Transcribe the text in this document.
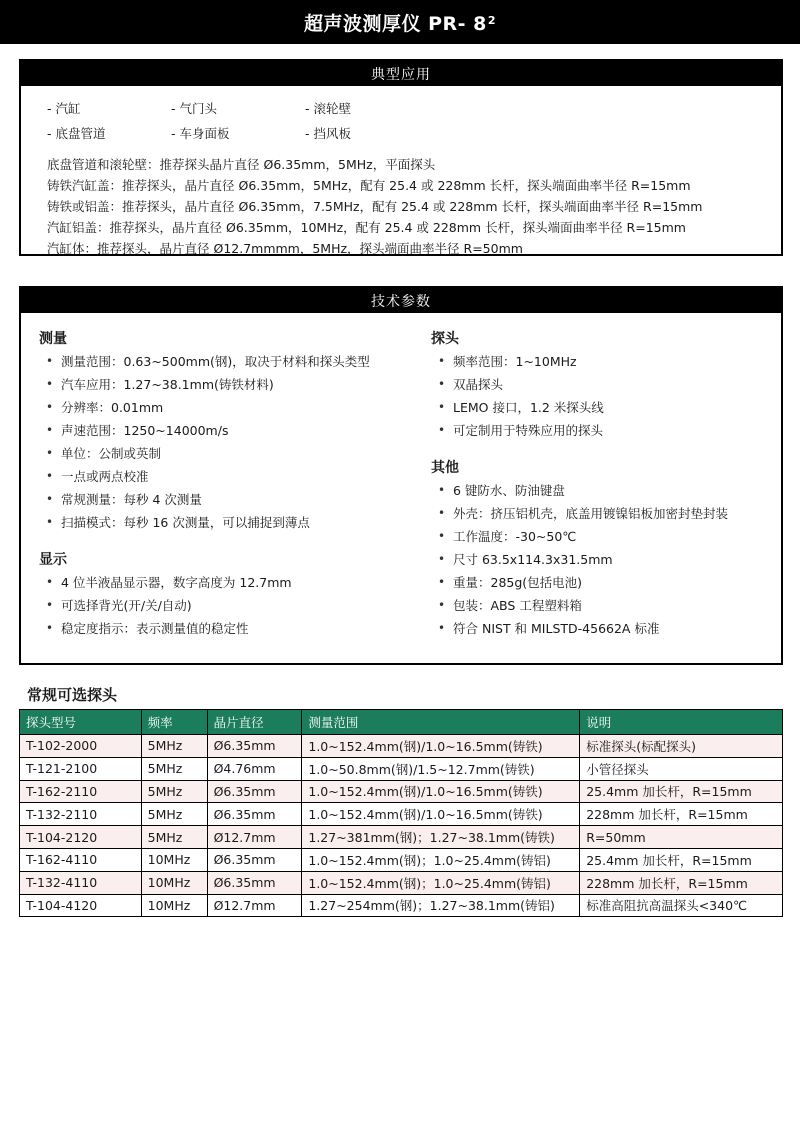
超声波测厚仪 PR- $8^2$
典型应用
- 汽缸	- 气门头	- 滚轮壁
- 底盘管道	- 车身面板	- 挡风板
底盘管道和滚轮壁：推荐探头晶片直径 Ø6.35mm，5MHz，平面探头
铸铁汽缸盖：推荐探头，晶片直径 Ø6.35mm，5MHz，配有 25.4 或 228mm 长杆，探头端面曲率半径 R=15mm
铸铁或铝盖：推荐探头，晶片直径 Ø6.35mm，7.5MHz，配有 25.4 或 228mm 长杆，探头端面曲率半径 R=15mm
汽缸铝盖：推荐探头，晶片直径 Ø6.35mm，10MHz，配有 25.4 或 228mm 长杆，探头端面曲率半径 R=15mm
汽缸体：推荐探头，晶片直径 Ø12.7mmmm，5MHz，探头端面曲率半径 R=50mm
技术参数
测量
• 测量范围：0.63~500mm(钢)，取决于材料和探头类型
• 汽车应用：1.27~38.1mm(铸铁材料)
• 分辨率：0.01mm
• 声速范围：1250~14000m/s
• 单位：公制或英制
• 一点或两点校准
• 常规测量：每秒 4 次测量
• 扫描模式：每秒 16 次测量，可以捕捉到薄点
显示
• 4 位半液晶显示器，数字高度为 12.7mm
• 可选择背光(开/关/自动)
• 稳定度指示：表示测量值的稳定性
探头
• 频率范围：1~10MHz
• 双晶探头
• LEMO 接口，1.2 米探头线
• 可定制用于特殊应用的探头
其他
• 6 键防水、防油键盘
• 外壳：挤压铝机壳，底盖用镀镍铝板加密封垫封装
• 工作温度：-30~50℃
• 尺寸 63.5x114.3x31.5mm
• 重量：285g(包括电池)
• 包装：ABS 工程塑料箱
• 符合 NIST 和 MILSTD-45662A 标准
常规可选探头
探头型号	频率	晶片直径	测量范围	说明
T-102-2000	5MHz	Ø6.35mm	1.0~152.4mm(钢)/1.0~16.5mm(铸铁)	标准探头(标配探头)
T-121-2100	5MHz	Ø4.76mm	1.0~50.8mm(钢)/1.5~12.7mm(铸铁)	小管径探头
T-162-2110	5MHz	Ø6.35mm	1.0~152.4mm(钢)/1.0~16.5mm(铸铁)	25.4mm 加长杆，R=15mm
T-132-2110	5MHz	Ø6.35mm	1.0~152.4mm(钢)/1.0~16.5mm(铸铁)	228mm 加长杆，R=15mm
T-104-2120	5MHz	Ø12.7mm	1.27~381mm(钢)；1.27~38.1mm(铸铁)	R=50mm
T-162-4110	10MHz	Ø6.35mm	1.0~152.4mm(钢)；1.0~25.4mm(铸铝)	25.4mm 加长杆，R=15mm
T-132-4110	10MHz	Ø6.35mm	1.0~152.4mm(钢)；1.0~25.4mm(铸铝)	228mm 加长杆，R=15mm
T-104-4120	10MHz	Ø12.7mm	1.27~254mm(钢)；1.27~38.1mm(铸铝)	标准高阻抗高温探头<340℃
